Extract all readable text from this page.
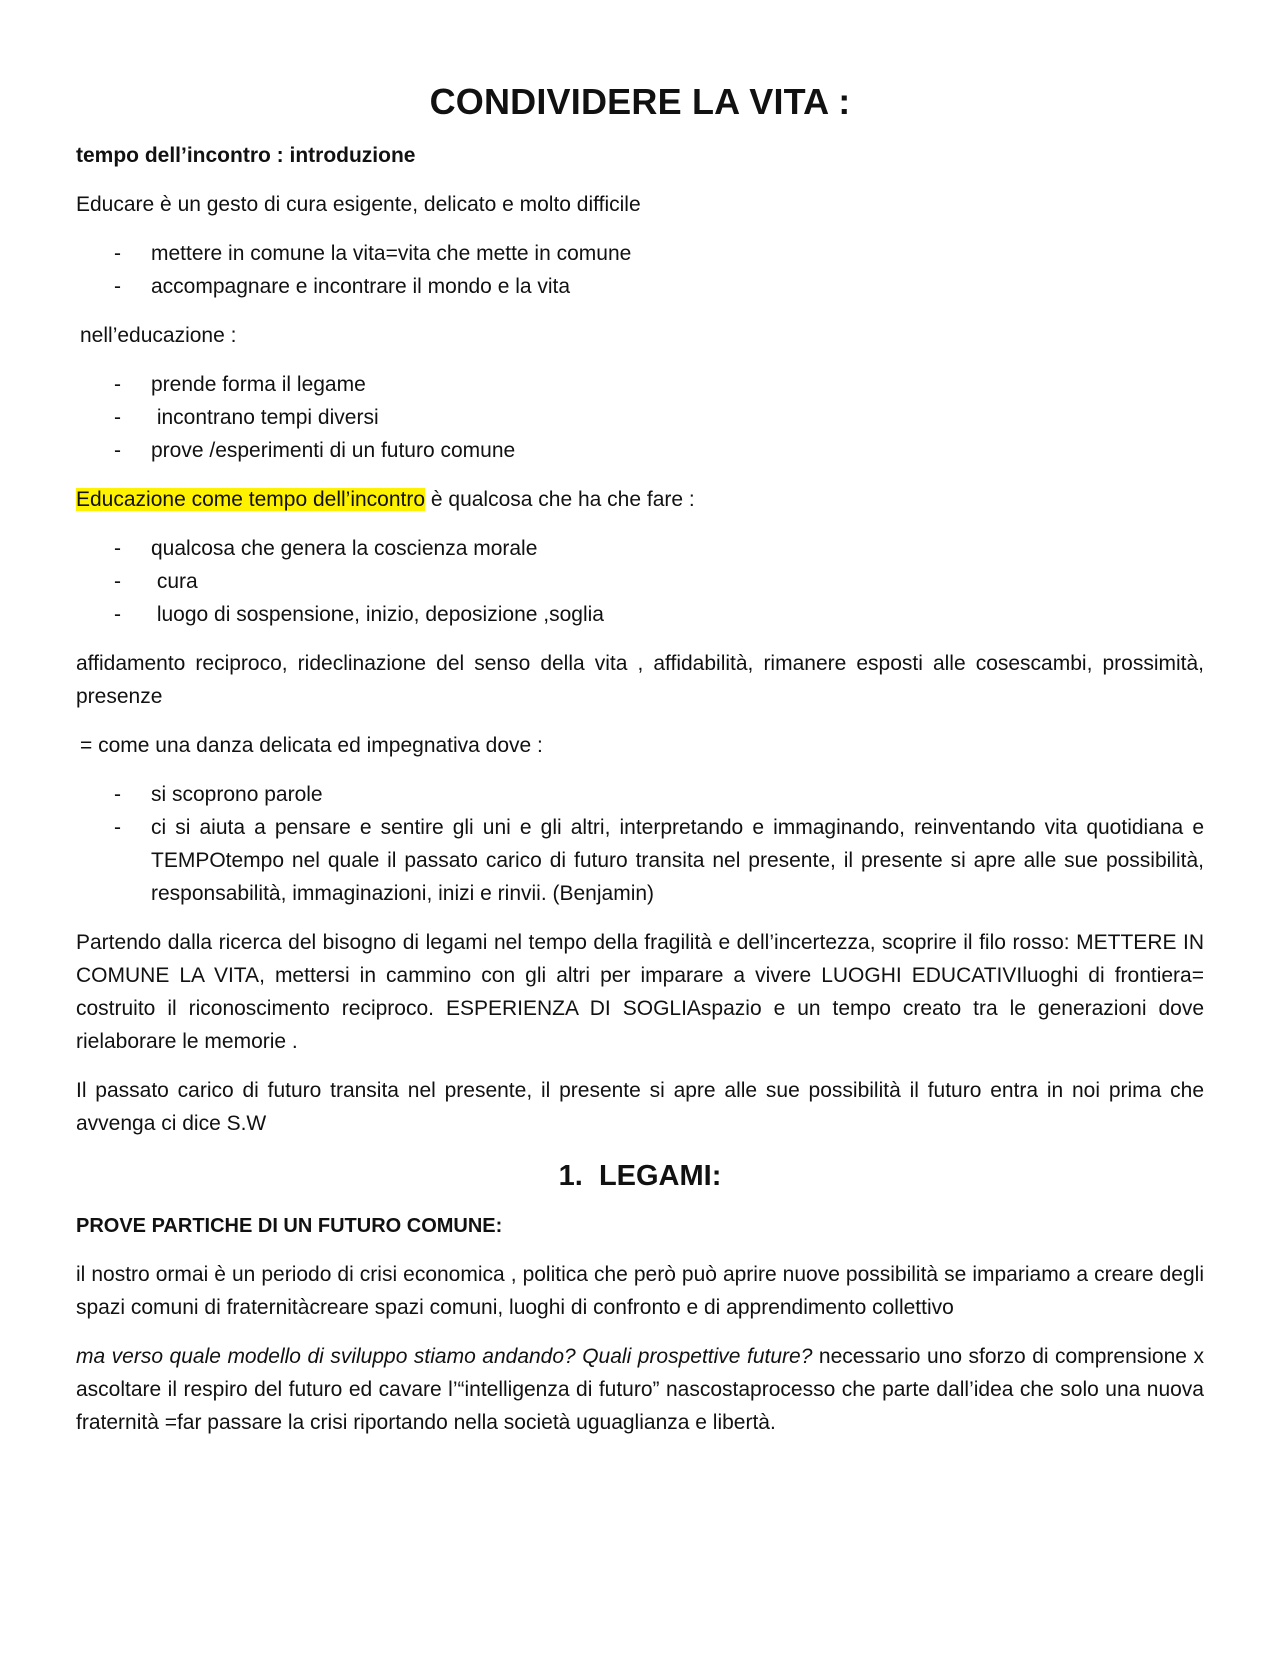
CONDIVIDERE LA VITA :
tempo dell’incontro : introduzione

Educare è un gesto di cura esigente, delicato e molto difficile

- mettere in comune la vita=vita che mette in comune
- accompagnare e incontrare il mondo e la vita

nell’educazione :

- prende forma il legame
- incontrano tempi diversi
- prove /esperimenti di un futuro comune

Educazione come tempo dell’incontro è qualcosa che ha che fare :

- qualcosa che genera la coscienza morale
- cura
- luogo di sospensione, inizio, deposizione ,soglia

affidamento reciproco, rideclinazione del senso della vita , affidabilità, rimanere esposti alle cosescambi, prossimità, presenze

= come una danza delicata ed impegnativa dove :

- si scoprono parole
- ci si aiuta a pensare e sentire gli uni e gli altri, interpretando e immaginando, reinventando vita quotidiana e TEMPOtempo nel quale il passato carico di futuro transita nel presente, il presente si apre alle sue possibilità, responsabilità, immaginazioni, inizi e rinvii. (Benjamin)

Partendo dalla ricerca del bisogno di legami nel tempo della fragilità e dell’incertezza, scoprire il filo rosso: METTERE IN COMUNE LA VITA, mettersi in cammino con gli altri per imparare a vivere LUOGHI EDUCATIVIluoghi di frontiera= costruito il riconoscimento reciproco. ESPERIENZA DI SOGLIAspazio e un tempo creato tra le generazioni dove rielaborare le memorie .

Il passato carico di futuro transita nel presente, il presente si apre alle sue possibilità il futuro entra in noi prima che avvenga ci dice S.W

1. LEGAMI:
PROVE PARTICHE DI UN FUTURO COMUNE:

il nostro ormai è un periodo di crisi economica , politica che però può aprire nuove possibilità se impariamo a creare degli spazi comuni di fraternitàcreare spazi comuni, luoghi di confronto e di apprendimento collettivo

ma verso quale modello di sviluppo stiamo andando? Quali prospettive future? necessario uno sforzo di comprensione x ascoltare il respiro del futuro ed cavare l’“intelligenza di futuro” nascostaprocesso che parte dall’idea che solo una nuova fraternità =far passare la crisi riportando nella società uguaglianza e libertà.
